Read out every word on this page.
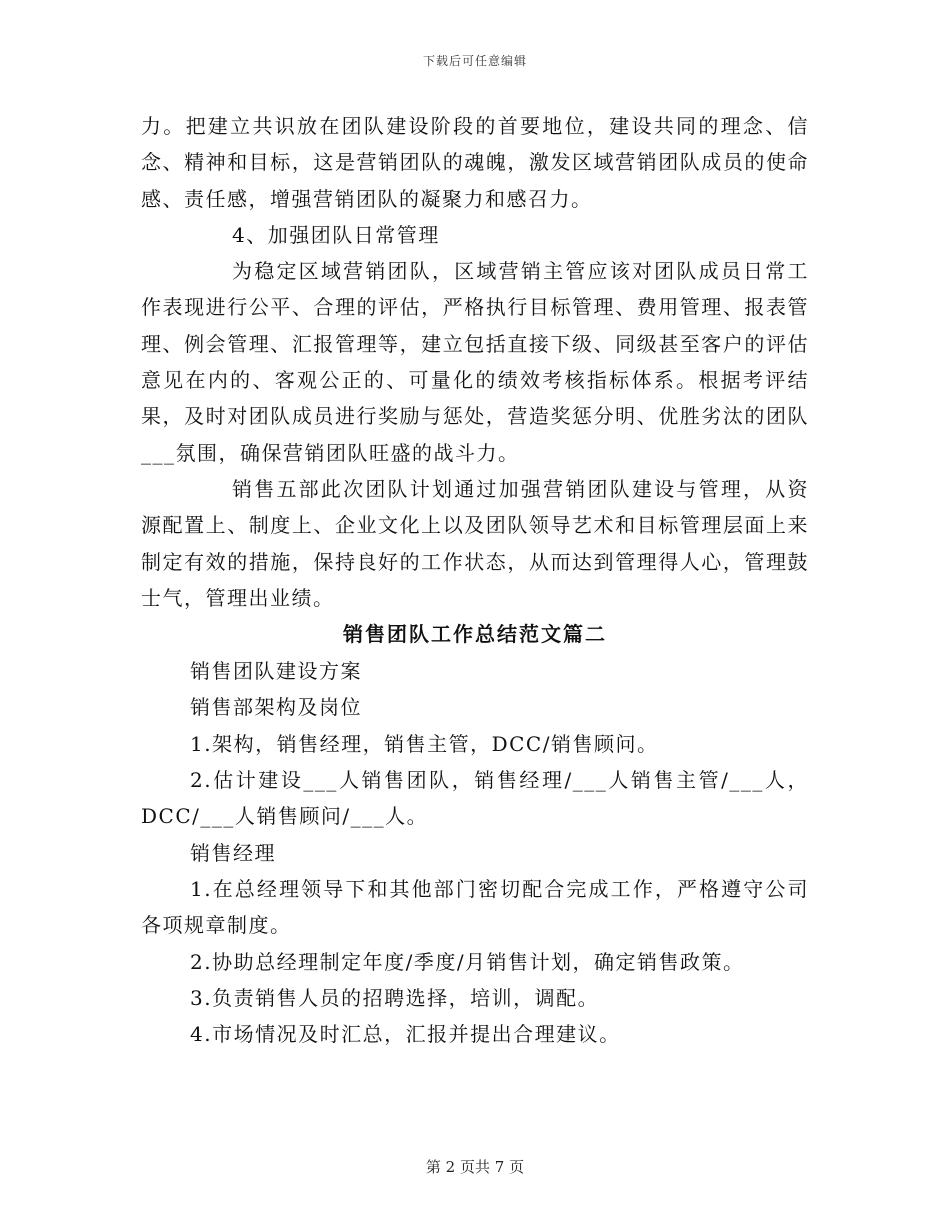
下载后可任意编辑

力。把建立共识放在团队建设阶段的首要地位，建设共同的理念、信念、精神和目标，这是营销团队的魂魄，激发区域营销团队成员的使命感、责任感，增强营销团队的凝聚力和感召力。

4、加强团队日常管理

为稳定区域营销团队，区域营销主管应该对团队成员日常工作表现进行公平、合理的评估，严格执行目标管理、费用管理、报表管理、例会管理、汇报管理等，建立包括直接下级、同级甚至客户的评估意见在内的、客观公正的、可量化的绩效考核指标体系。根据考评结果，及时对团队成员进行奖励与惩处，营造奖惩分明、优胜劣汰的团队___氛围，确保营销团队旺盛的战斗力。

销售五部此次团队计划通过加强营销团队建设与管理，从资源配置上、制度上、企业文化上以及团队领导艺术和目标管理层面上来制定有效的措施，保持良好的工作状态，从而达到管理得人心，管理鼓士气，管理出业绩。

销售团队工作总结范文篇二

销售团队建设方案

销售部架构及岗位

1.架构，销售经理，销售主管，DCC/销售顾问。

2.估计建设___人销售团队，销售经理/___人销售主管/___人，DCC/___人销售顾问/___人。

销售经理

1.在总经理领导下和其他部门密切配合完成工作，严格遵守公司各项规章制度。

2.协助总经理制定年度/季度/月销售计划，确定销售政策。

3.负责销售人员的招聘选择，培训，调配。

4.市场情况及时汇总，汇报并提出合理建议。

第 2 页共 7 页
